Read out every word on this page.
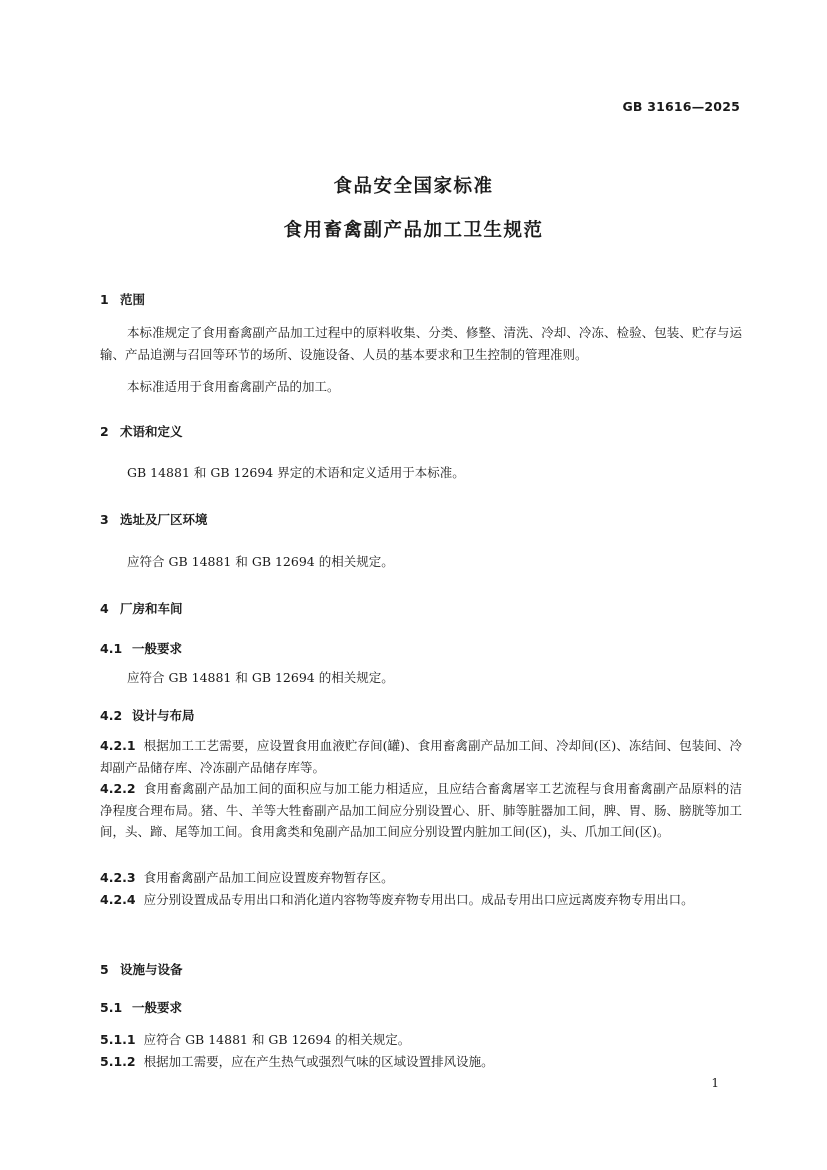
GB 31616—2025
食品安全国家标准
食用畜禽副产品加工卫生规范
1 范围
本标准规定了食用畜禽副产品加工过程中的原料收集、分类、修整、清洗、冷却、冷冻、检验、包装、贮存与运输、产品追溯与召回等环节的场所、设施设备、人员的基本要求和卫生控制的管理准则。
本标准适用于食用畜禽副产品的加工。
2 术语和定义
GB 14881 和 GB 12694 界定的术语和定义适用于本标准。
3 选址及厂区环境
应符合 GB 14881 和 GB 12694 的相关规定。
4 厂房和车间
4.1 一般要求
应符合 GB 14881 和 GB 12694 的相关规定。
4.2 设计与布局
4.2.1 根据加工工艺需要，应设置食用血液贮存间(罐)、食用畜禽副产品加工间、冷却间(区)、冻结间、包装间、冷却副产品储存库、冷冻副产品储存库等。
4.2.2 食用畜禽副产品加工间的面积应与加工能力相适应，且应结合畜禽屠宰工艺流程与食用畜禽副产品原料的洁净程度合理布局。猪、牛、羊等大牲畜副产品加工间应分别设置心、肝、肺等脏器加工间，脾、胃、肠、膀胱等加工间，头、蹄、尾等加工间。食用禽类和兔副产品加工间应分别设置内脏加工间(区)，头、爪加工间(区)。
4.2.3 食用畜禽副产品加工间应设置废弃物暂存区。
4.2.4 应分别设置成品专用出口和消化道内容物等废弃物专用出口。成品专用出口应远离废弃物专用出口。
5 设施与设备
5.1 一般要求
5.1.1 应符合 GB 14881 和 GB 12694 的相关规定。
5.1.2 根据加工需要，应在产生热气或强烈气味的区域设置排风设施。
1
